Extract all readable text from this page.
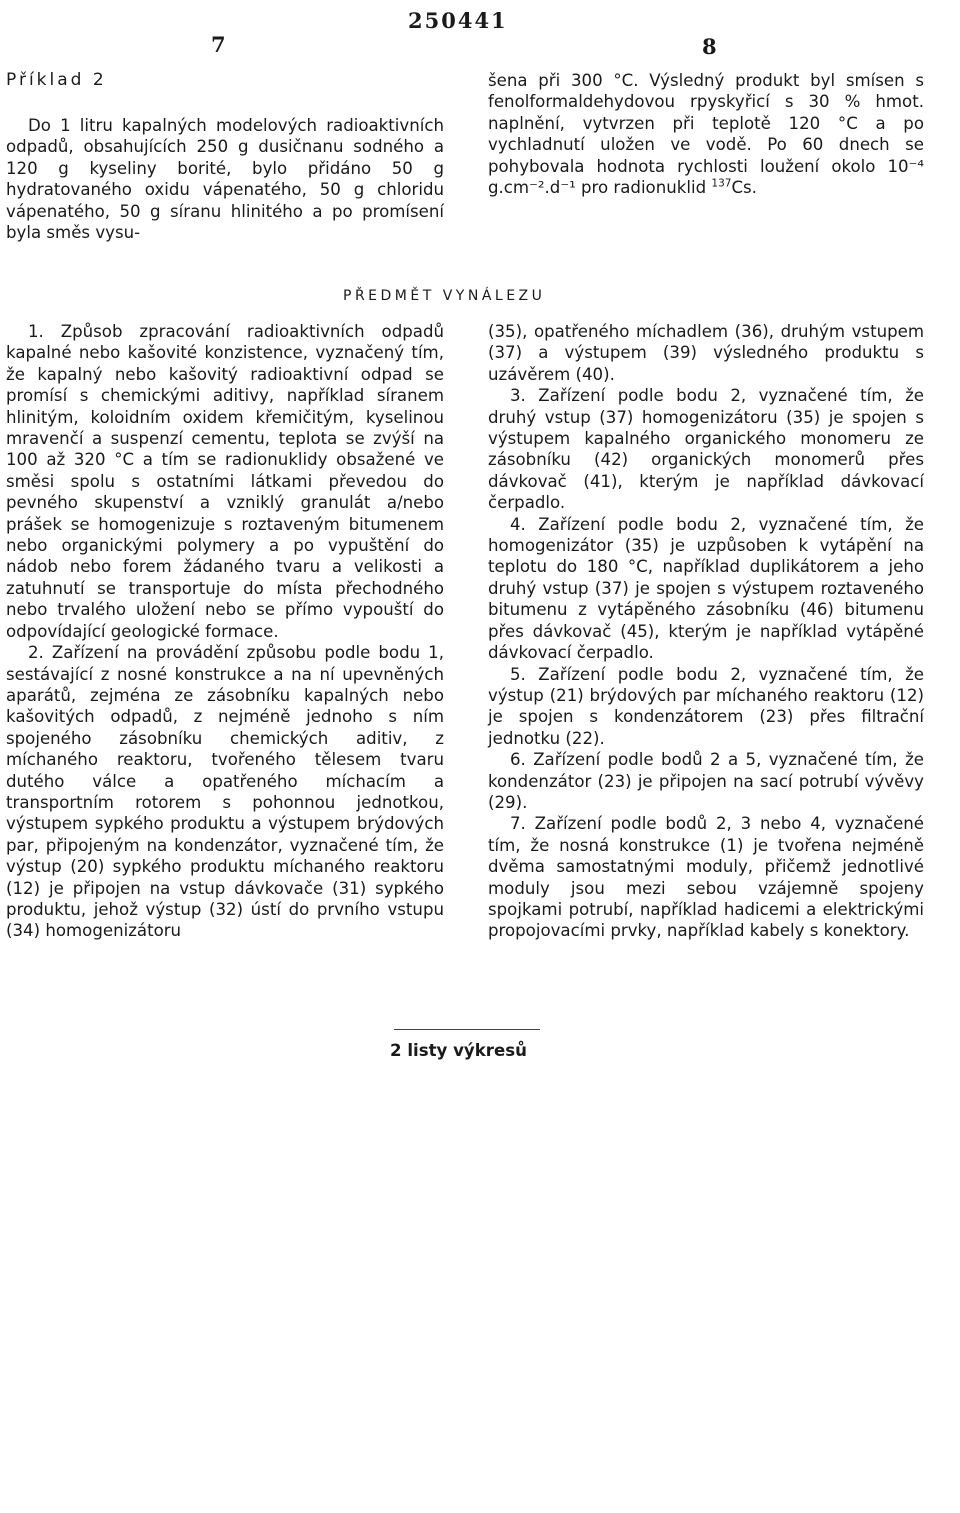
7
250441
8
Příklad 2

Do 1 litru kapalných modelových radioaktivních odpadů, obsahujících 250 g dusičnanu sodného a 120 g kyseliny borité, bylo přidáno 50 g hydratovaného oxidu vápenatého, 50 g chloridu vápenatého, 50 g síranu hlinitého a po promísení byla směs vysu-

šena při 300 °C. Výsledný produkt byl smísen s fenolformaldehydovou rpyskyřicí s 30 % hmot. naplnění, vytvrzen při teplotě 120 °C a po vychladnutí uložen ve vodě. Po 60 dnech se pohybovala hodnota rychlosti loužení okolo 10⁻⁴ g.cm⁻².d⁻¹ pro radionuklid $^{137}$Cs.

PŘEDMĚT VYNÁLEZU

1. Způsob zpracování radioaktivních odpadů kapalné nebo kašovité konzistence, vyznačený tím, že kapalný nebo kašovitý radioaktivní odpad se promísí s chemickými aditivy, například síranem hlinitým, koloidním oxidem křemičitým, kyselinou mravenčí a suspenzí cementu, teplota se zvýší na 100 až 320 °C a tím se radionuklidy obsažené ve směsi spolu s ostatními látkami převedou do pevného skupenství a vzniklý granulát a/nebo prášek se homogenizuje s roztaveným bitumenem nebo organickými polymery a po vypuštění do nádob nebo forem žádaného tvaru a velikosti a zatuhnutí se transportuje do místa přechodného nebo trvalého uložení nebo se přímo vypouští do odpovídající geologické formace.

2. Zařízení na provádění způsobu podle bodu 1, sestávající z nosné konstrukce a na ní upevněných aparátů, zejména ze zásobníku kapalných nebo kašovitých odpadů, z nejméně jednoho s ním spojeného zásobníku chemických aditiv, z míchaného reaktoru, tvořeného tělesem tvaru dutého válce a opatřeného míchacím a transportním rotorem s pohonnou jednotkou, výstupem sypkého produktu a výstupem brýdových par, připojeným na kondenzátor, vyznačené tím, že výstup (20) sypkého produktu míchaného reaktoru (12) je připojen na vstup dávkovače (31) sypkého produktu, jehož výstup (32) ústí do prvního vstupu (34) homogenizátoru

(35), opatřeného míchadlem (36), druhým vstupem (37) a výstupem (39) výsledného produktu s uzávěrem (40).

3. Zařízení podle bodu 2, vyznačené tím, že druhý vstup (37) homogenizátoru (35) je spojen s výstupem kapalného organického monomeru ze zásobníku (42) organických monomerů přes dávkovač (41), kterým je například dávkovací čerpadlo.

4. Zařízení podle bodu 2, vyznačené tím, že homogenizátor (35) je uzpůsoben k vytápění na teplotu do 180 °C, například duplikátorem a jeho druhý vstup (37) je spojen s výstupem roztaveného bitumenu z vytápěného zásobníku (46) bitumenu přes dávkovač (45), kterým je například vytápěné dávkovací čerpadlo.

5. Zařízení podle bodu 2, vyznačené tím, že výstup (21) brýdových par míchaného reaktoru (12) je spojen s kondenzátorem (23) přes filtrační jednotku (22).

6. Zařízení podle bodů 2 a 5, vyznačené tím, že kondenzátor (23) je připojen na sací potrubí vývěvy (29).

7. Zařízení podle bodů 2, 3 nebo 4, vyznačené tím, že nosná konstrukce (1) je tvořena nejméně dvěma samostatnými moduly, přičemž jednotlivé moduly jsou mezi sebou vzájemně spojeny spojkami potrubí, například hadicemi a elektrickými propojovacími prvky, například kabely s konektory.

2 listy výkresů
